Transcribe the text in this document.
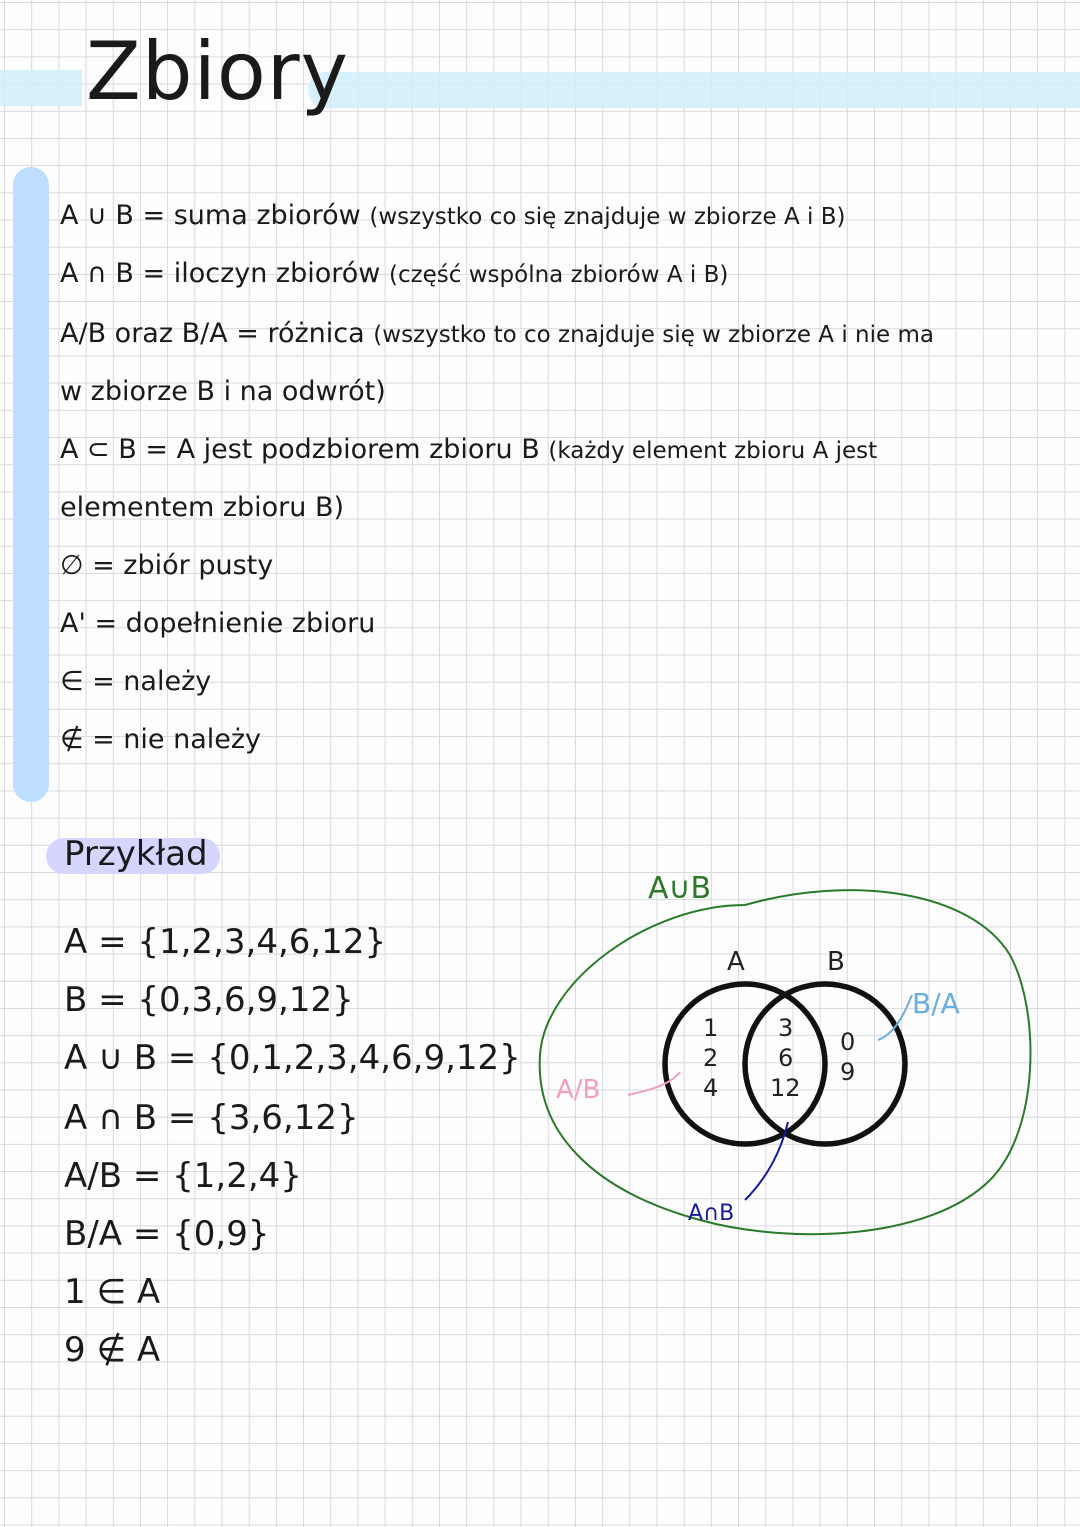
Zbiory
A ∪ B = suma zbiorów (wszystko co się znajduje w zbiorze A i B)
A ∩ B = iloczyn zbiorów (część wspólna zbiorów A i B)
A/B oraz B/A = różnica (wszystko to co znajduje się w zbiorze A i nie ma
w zbiorze B i na odwrót)
A ⊂ B = A jest podzbiorem zbioru B (każdy element zbioru A jest
elementem zbioru B)
∅ = zbiór pusty
A' = dopełnienie zbioru
∈ = należy
∉ = nie należy
Przykład
A = {1,2,3,4,6,12}
B = {0,3,6,9,12}
A ∪ B = {0,1,2,3,4,6,9,12}
A ∩ B = {3,6,12}
A/B = {1,2,4}
B/A = {0,9}
1 ∈ A
9 ∉ A
A∪B
A	B
1
2
4
3
6
12
0
9
A/B
B/A
A∩B
